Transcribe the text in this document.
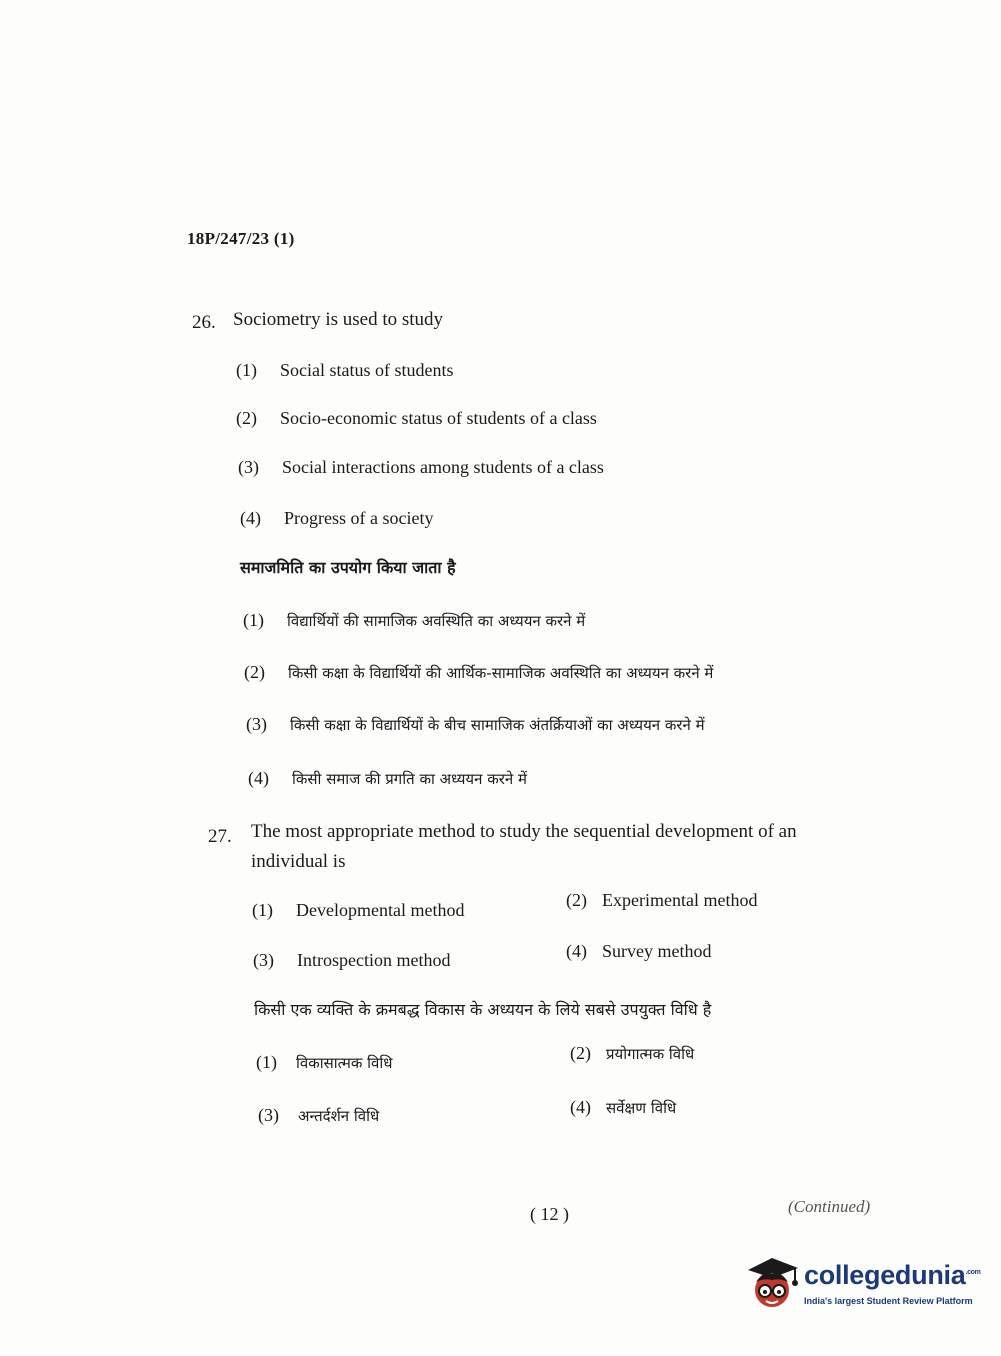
18P/247/23 (1)
26. Sociometry is used to study
(1) Social status of students
(2) Socio-economic status of students of a class
(3) Social interactions among students of a class
(4) Progress of a society
समाजमिति का उपयोग किया जाता है
(1) विद्यार्थियों की सामाजिक अवस्थिति का अध्ययन करने में
(2) किसी कक्षा के विद्यार्थियों की आर्थिक-सामाजिक अवस्थिति का अध्ययन करने में
(3) किसी कक्षा के विद्यार्थियों के बीच सामाजिक अंतर्क्रियाओं का अध्ययन करने में
(4) किसी समाज की प्रगति का अध्ययन करने में
27. The most appropriate method to study the sequential development of an
individual is
(1) Developmental method	(2) Experimental method
(3) Introspection method	(4) Survey method
किसी एक व्यक्ति के क्रमबद्ध विकास के अध्ययन के लिये सबसे उपयुक्त विधि है
(1) विकासात्मक विधि	(2) प्रयोगात्मक विधि
(3) अन्तर्दर्शन विधि	(4) सर्वेक्षण विधि
( 12 )	(Continued)
collegedunia$^{.com}$
India's largest Student Review Platform
